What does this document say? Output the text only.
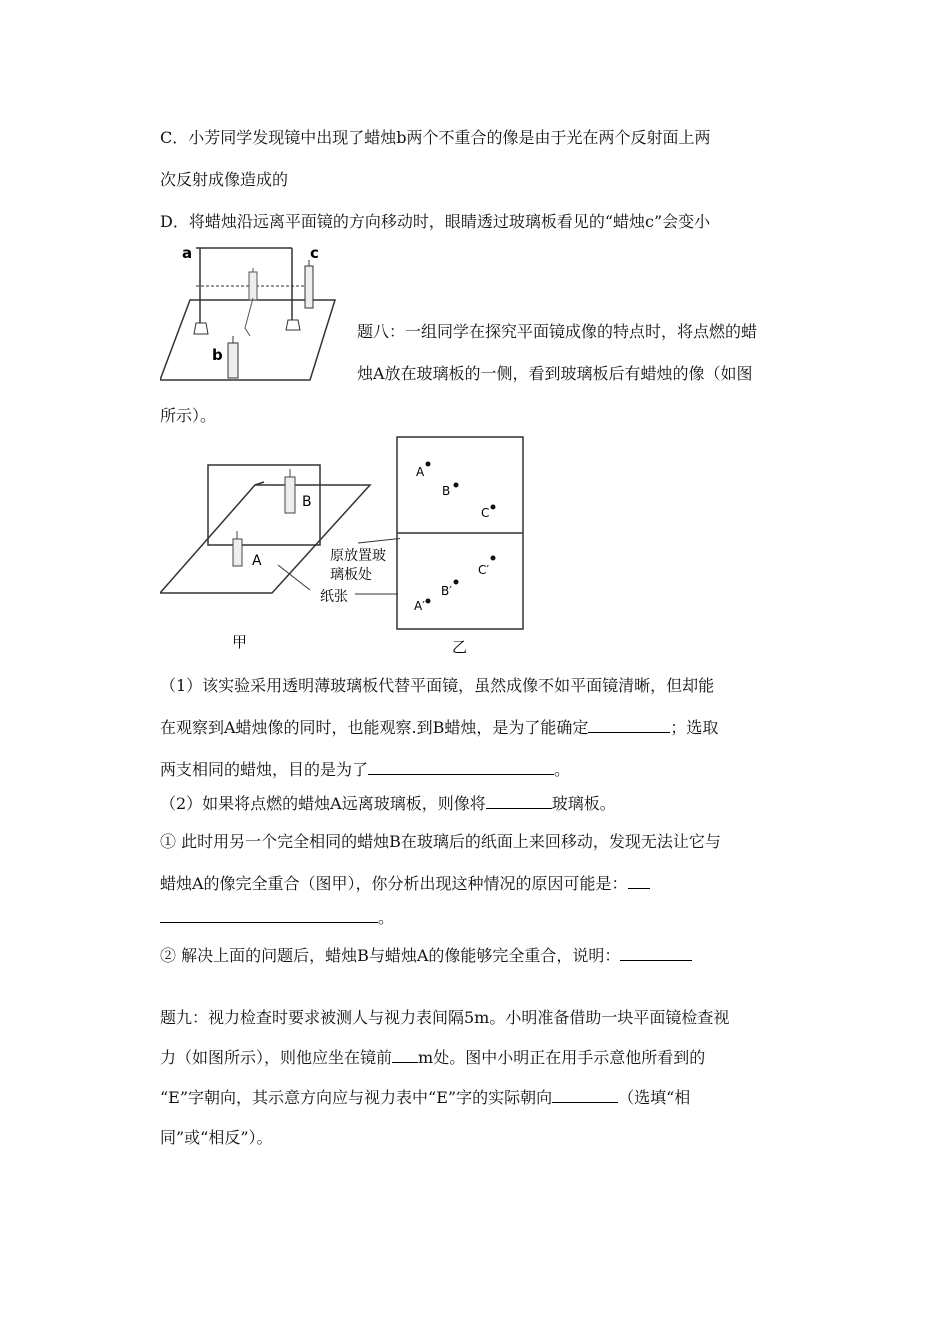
C．小芳同学发现镜中出现了蜡烛b两个不重合的像是由于光在两个反射面上两
次反射成像造成的
D．将蜡烛沿远离平面镜的方向移动时，眼睛透过玻璃板看见的“蜡烛c”会变小
a	c
b
题八：一组同学在探究平面镜成像的特点时，将点燃的蜡
烛A放在玻璃板的一侧，看到玻璃板后有蜡烛的像（如图
所示）。
B
A	原放置玻
璃板处
纸张
甲
A
B
C
A′
B′
C′
乙
（1）该实验采用透明薄玻璃板代替平面镜，虽然成像不如平面镜清晰，但却能
在观察到A蜡烛像的同时，也能观察.到B蜡烛，是为了能确定	；选取
两支相同的蜡烛，目的是为了	。
（2）如果将点燃的蜡烛A远离玻璃板，则像将	玻璃板。
① 此时用另一个完全相同的蜡烛B在玻璃后的纸面上来回移动，发现无法让它与
蜡烛A的像完全重合（图甲），你分析出现这种情况的原因可能是：
。
② 解决上面的问题后，蜡烛B与蜡烛A的像能够完全重合，说明：
题九：视力检查时要求被测人与视力表间隔5m。小明准备借助一块平面镜检查视
力（如图所示），则他应坐在镜前 m处。图中小明正在用手示意他所看到的
“E”字朝向，其示意方向应与视力表中“E”字的实际朝向	（选填“相
同”或“相反”）。
